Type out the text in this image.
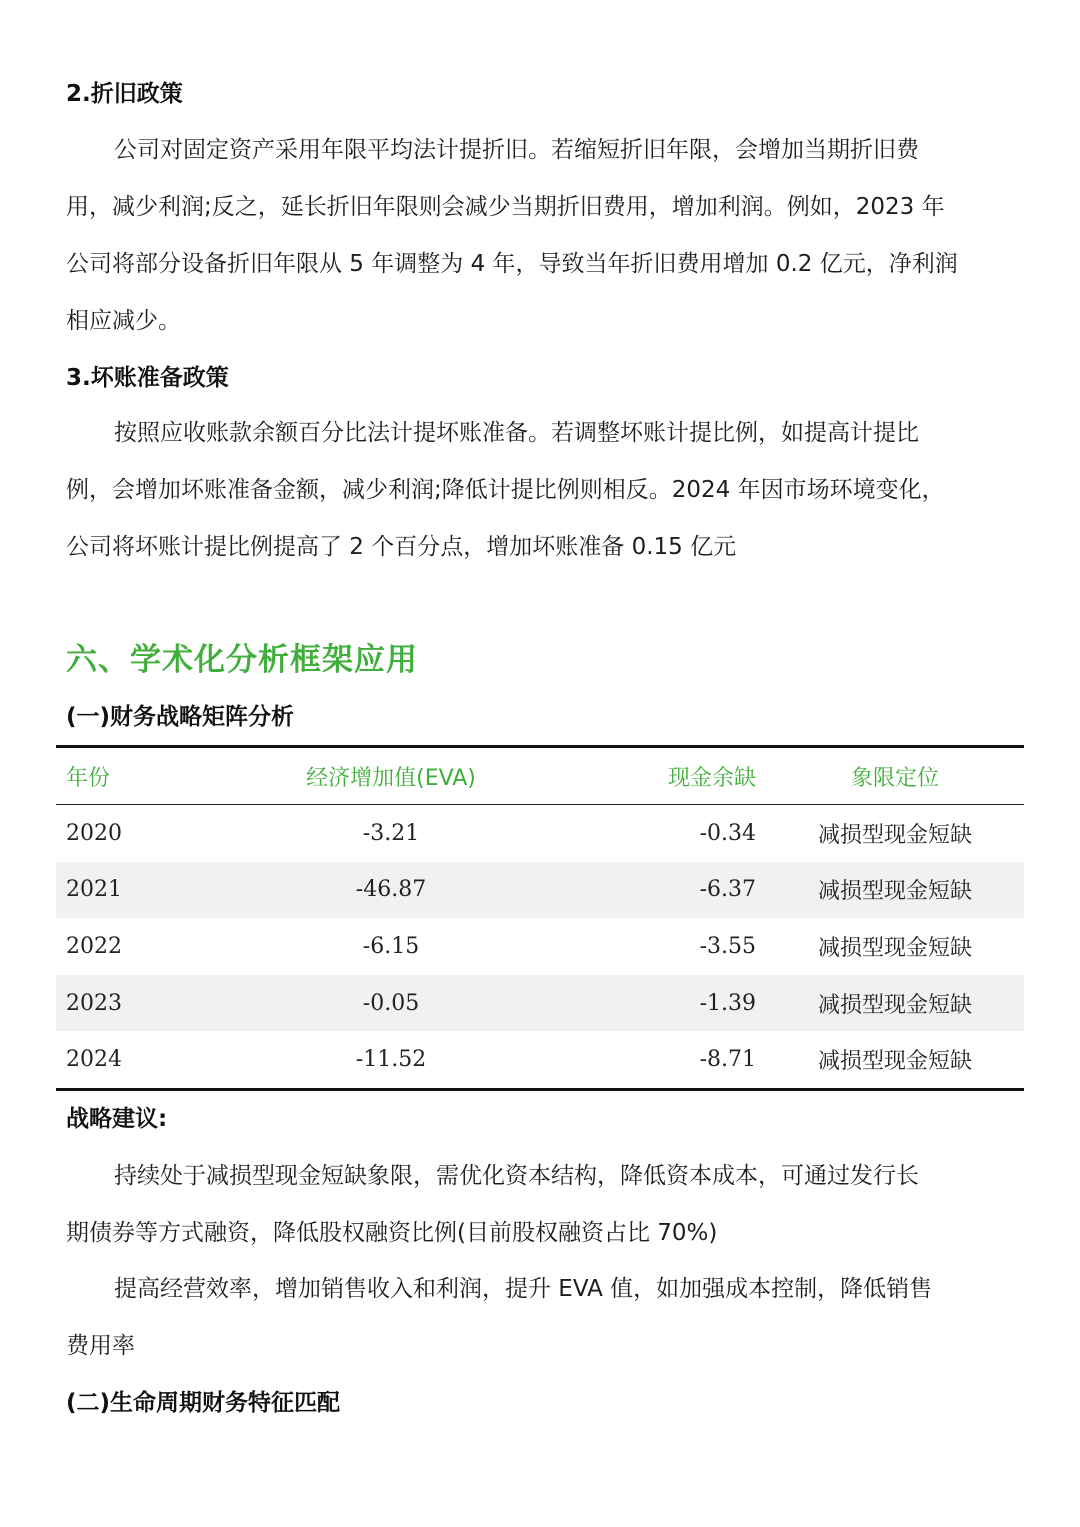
2.折旧政策

公司对固定资产采用年限平均法计提折旧。若缩短折旧年限，会增加当期折旧费
用，减少利润;反之，延长折旧年限则会减少当期折旧费用，增加利润。例如，2023 年
公司将部分设备折旧年限从 5 年调整为 4 年，导致当年折旧费用增加 0.2 亿元，净利润
相应减少。

3.坏账准备政策

按照应收账款余额百分比法计提坏账准备。若调整坏账计提比例，如提高计提比
例，会增加坏账准备金额，减少利润;降低计提比例则相反。2024 年因市场环境变化，
公司将坏账计提比例提高了 2 个百分点，增加坏账准备 0.15 亿元

六、学术化分析框架应用
(一)财务战略矩阵分析
年份	经济增加值(EVA)	现金余缺	象限定位
2020	-3.21	-0.34	减损型现金短缺
2021	-46.87	-6.37	减损型现金短缺
2022	-6.15	-3.55	减损型现金短缺
2023	-0.05	-1.39	减损型现金短缺
2024	-11.52	-8.71	减损型现金短缺
战略建议:

持续处于减损型现金短缺象限，需优化资本结构，降低资本成本，可通过发行长
期债券等方式融资，降低股权融资比例(目前股权融资占比 70%)

提高经营效率，增加销售收入和利润，提升 EVA 值，如加强成本控制，降低销售
费用率

(二)生命周期财务特征匹配
